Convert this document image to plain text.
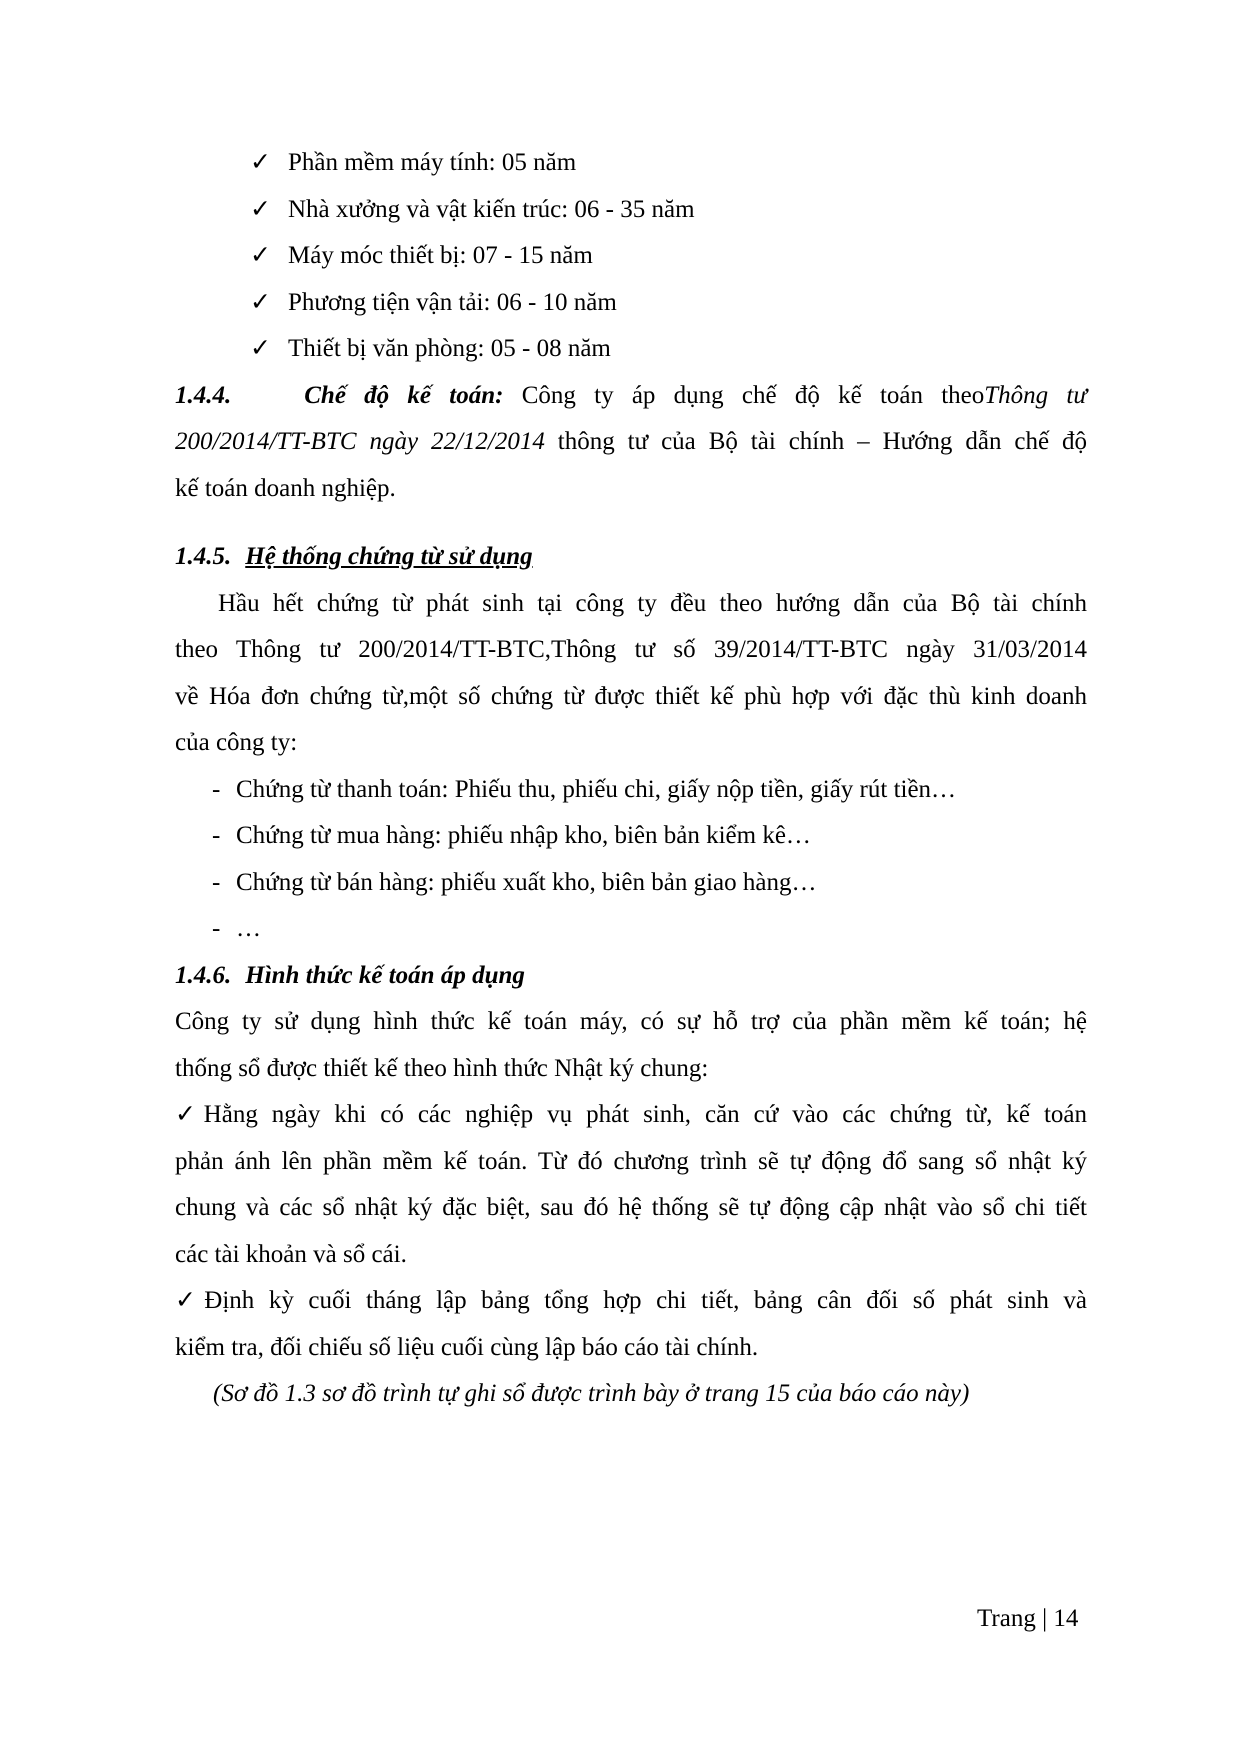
✓ Phần mềm máy tính: 05 năm
✓ Nhà xưởng và vật kiến trúc: 06 - 35 năm
✓ Máy móc thiết bị: 07 - 15 năm
✓ Phương tiện vận tải: 06 - 10 năm
✓ Thiết bị văn phòng: 05 - 08 năm
1.4.4.	Chế độ kế toán: Công ty áp dụng chế độ kế toán theoThông tư
200/2014/TT-BTC ngày 22/12/2014 thông tư của Bộ tài chính – Hướng dẫn chế độ
kế toán doanh nghiệp.
1.4.5. Hệ thống chứng từ sử dụng
Hầu hết chứng từ phát sinh tại công ty đều theo hướng dẫn của Bộ tài chính
theo Thông tư 200/2014/TT-BTC,Thông tư số 39/2014/TT-BTC ngày 31/03/2014
về Hóa đơn chứng từ,một số chứng từ được thiết kế phù hợp với đặc thù kinh doanh
của công ty:
- Chứng từ thanh toán: Phiếu thu, phiếu chi, giấy nộp tiền, giấy rút tiền…
- Chứng từ mua hàng: phiếu nhập kho, biên bản kiểm kê…
- Chứng từ bán hàng: phiếu xuất kho, biên bản giao hàng…
- …
1.4.6. Hình thức kế toán áp dụng
Công ty sử dụng hình thức kế toán máy, có sự hỗ trợ của phần mềm kế toán; hệ
thống sổ được thiết kế theo hình thức Nhật ký chung:
✓Hằng ngày khi có các nghiệp vụ phát sinh, căn cứ vào các chứng từ, kế toán
phản ánh lên phần mềm kế toán. Từ đó chương trình sẽ tự động đổ sang sổ nhật ký
chung và các sổ nhật ký đặc biệt, sau đó hệ thống sẽ tự động cập nhật vào sổ chi tiết
các tài khoản và sổ cái.
✓Định kỳ cuối tháng lập bảng tổng hợp chi tiết, bảng cân đối số phát sinh và
kiểm tra, đối chiếu số liệu cuối cùng lập báo cáo tài chính.
(Sơ đồ 1.3 sơ đồ trình tự ghi sổ được trình bày ở trang 15 của báo cáo này)
Trang | 14
